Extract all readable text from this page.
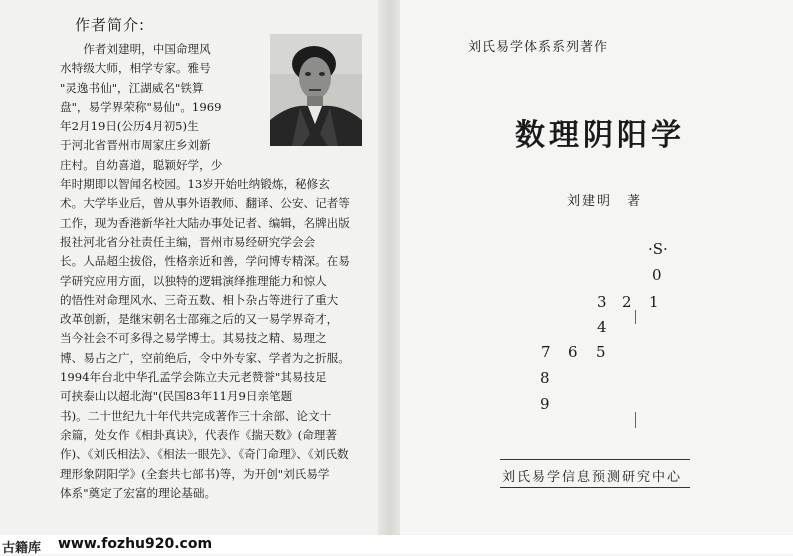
作者简介:
　　作者刘建明，中国命理风
水特级大师，相学专家。雅号
"灵逸书仙"，江湖威名"铁算
盘"，易学界荣称"易仙"。1969
年2月19日(公历4月初5)生
于河北省晋州市周家庄乡刘新
庄村。自幼喜道，聪颖好学，少
年时期即以智闻名校园。13岁开始吐纳锻炼，秘修玄
术。大学毕业后，曾从事外语教师、翻译、公安、记者等
工作，现为香港新华社大陆办事处记者、编辑，名牌出版
报社河北省分社责任主编，晋州市易经研究学会会
长。人品超尘拔俗，性格亲近和善，学问博专精深。在易
学研究应用方面，以独特的逻辑演绎推理能力和惊人
的悟性对命理风水、三奇五数、相卜杂占等进行了重大
改革创新，是继宋朝名士邵雍之后的又一易学界奇才，
当今社会不可多得之易学博士。其易技之精、易理之
博、易占之广，空前绝后，令中外专家、学者为之折服。
1994年台北中华孔孟学会陈立夫元老赞誉"其易技足
可挟泰山以超北海"(民国83年11月9日亲笔题
书)。二十世纪九十年代共完成著作三十余部、论文十
余篇，处女作《相卦真诀》，代表作《揣天数》(命理著
作)、《刘氏相法》、《相法一眼先》、《奇门命理》、《刘氏数
理形象阴阳学》(全套共七部书)等，为开创"刘氏易学
体系"奠定了宏富的理论基础。
刘氏易学体系系列著作
数理阴阳学
刘建明　著
·S·
0
3 2 1
4
7 6 5
8
9
刘氏易学信息预测研究中心
古籍库 www.fozhu920.com
